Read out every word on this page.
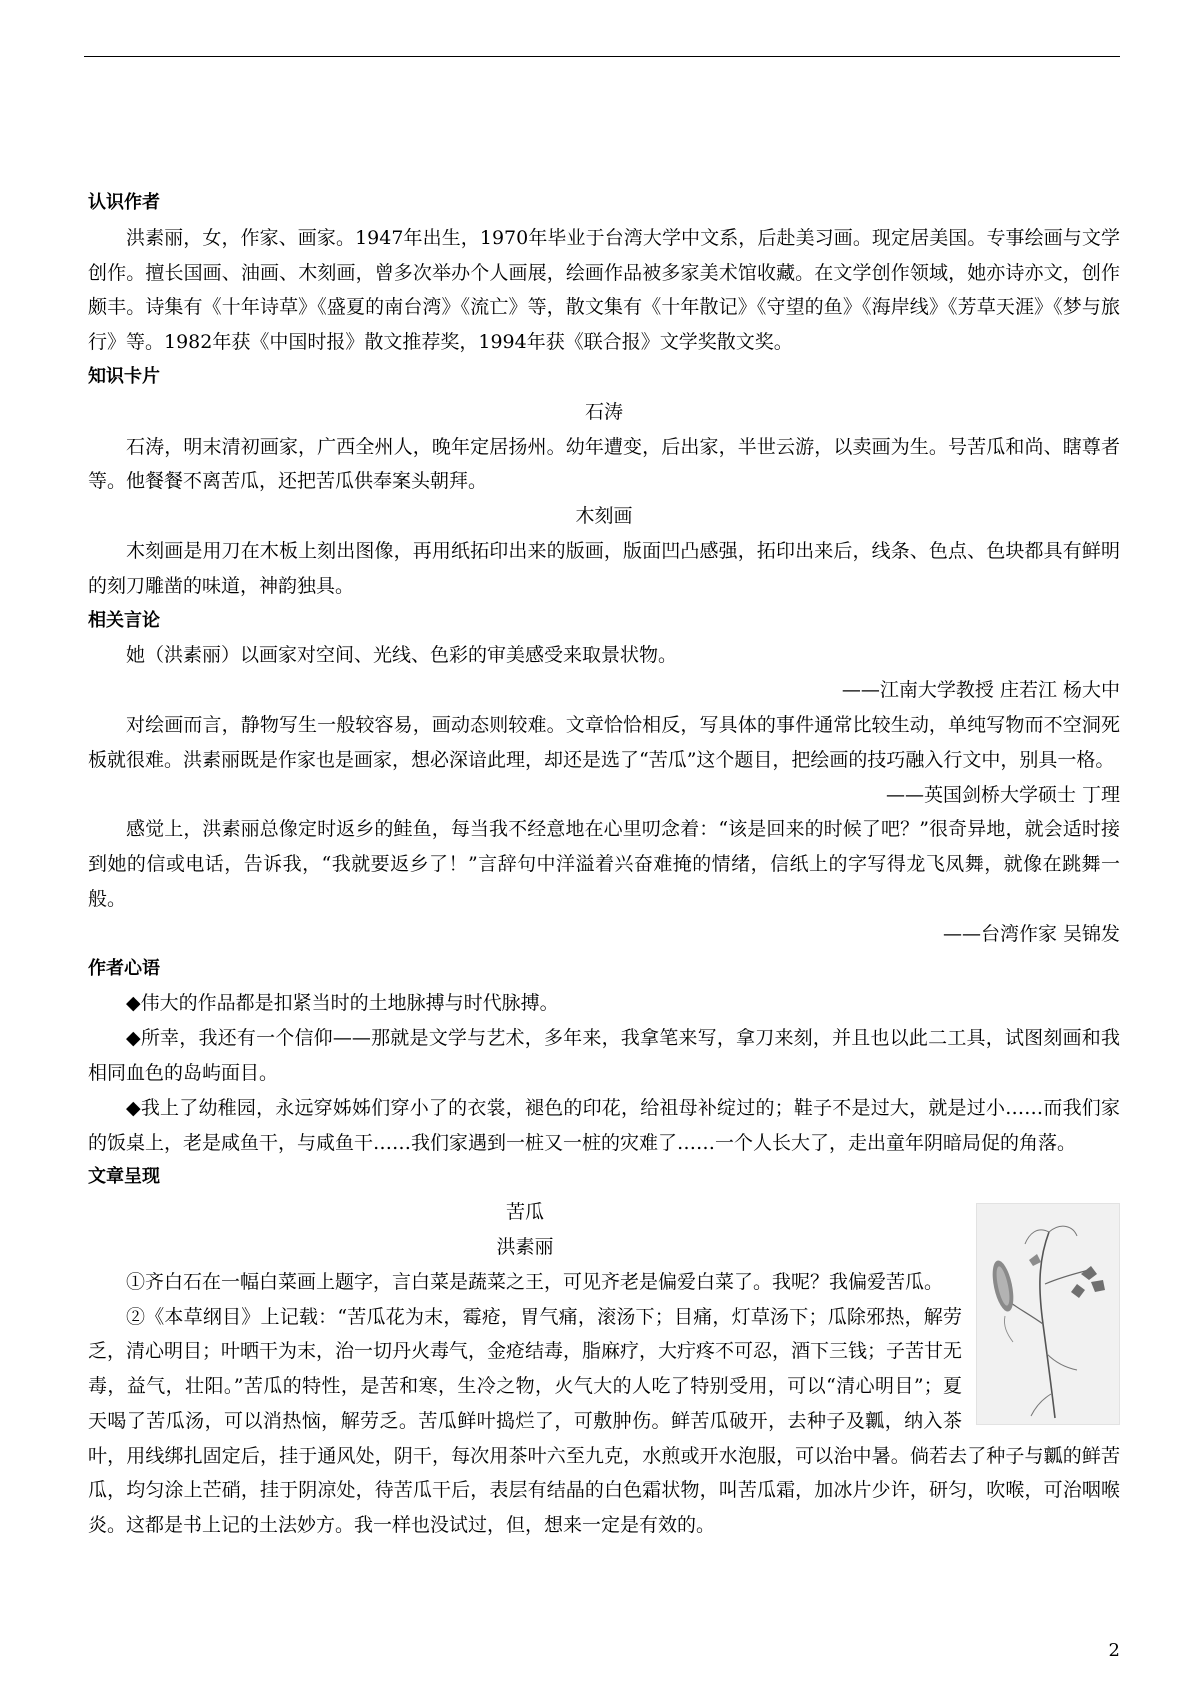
认识作者

洪素丽，女，作家、画家。1947年出生，1970年毕业于台湾大学中文系，后赴美习画。现定居美国。专事绘画与文学创作。擅长国画、油画、木刻画，曾多次举办个人画展，绘画作品被多家美术馆收藏。在文学创作领域，她亦诗亦文，创作颇丰。诗集有《十年诗草》《盛夏的南台湾》《流亡》等，散文集有《十年散记》《守望的鱼》《海岸线》《芳草天涯》《梦与旅行》等。1982年获《中国时报》散文推荐奖，1994年获《联合报》文学奖散文奖。

知识卡片

石涛

石涛，明末清初画家，广西全州人，晚年定居扬州。幼年遭变，后出家，半世云游，以卖画为生。号苦瓜和尚、瞎尊者等。他餐餐不离苦瓜，还把苦瓜供奉案头朝拜。

木刻画

木刻画是用刀在木板上刻出图像，再用纸拓印出来的版画，版面凹凸感强，拓印出来后，线条、色点、色块都具有鲜明的刻刀雕凿的味道，神韵独具。

相关言论

她（洪素丽）以画家对空间、光线、色彩的审美感受来取景状物。

——江南大学教授 庄若江 杨大中

对绘画而言，静物写生一般较容易，画动态则较难。文章恰恰相反，写具体的事件通常比较生动，单纯写物而不空洞死板就很难。洪素丽既是作家也是画家，想必深谙此理，却还是选了“苦瓜”这个题目，把绘画的技巧融入行文中，别具一格。

——英国剑桥大学硕士 丁理

感觉上，洪素丽总像定时返乡的鲑鱼，每当我不经意地在心里叨念着：“该是回来的时候了吧？”很奇异地，就会适时接到她的信或电话，告诉我，“我就要返乡了！”言辞句中洋溢着兴奋难掩的情绪，信纸上的字写得龙飞凤舞，就像在跳舞一般。

——台湾作家 吴锦发

作者心语

◆伟大的作品都是扣紧当时的土地脉搏与时代脉搏。

◆所幸，我还有一个信仰——那就是文学与艺术，多年来，我拿笔来写，拿刀来刻，并且也以此二工具，试图刻画和我相同血色的岛屿面目。

◆我上了幼稚园，永远穿姊姊们穿小了的衣裳，褪色的印花，给祖母补绽过的；鞋子不是过大，就是过小……而我们家的饭桌上，老是咸鱼干，与咸鱼干……我们家遇到一桩又一桩的灾难了……一个人长大了，走出童年阴暗局促的角落。

文章呈现

苦瓜

洪素丽

①齐白石在一幅白菜画上题字，言白菜是蔬菜之王，可见齐老是偏爱白菜了。我呢？我偏爱苦瓜。

②《本草纲目》上记载：“苦瓜花为末，霉疮，胃气痛，滚汤下；目痛，灯草汤下；瓜除邪热，解劳乏，清心明目；叶晒干为末，治一切丹火毒气，金疮结毒，脂麻疗，大疔疼不可忍，酒下三钱；子苦甘无毒，益气，壮阳。”苦瓜的特性，是苦和寒，生冷之物，火气大的人吃了特别受用，可以“清心明目”；夏天喝了苦瓜汤，可以消热恼，解劳乏。苦瓜鲜叶捣烂了，可敷肿伤。鲜苦瓜破开，去种子及瓤，纳入茶叶，用线绑扎固定后，挂于通风处，阴干，每次用茶叶六至九克，水煎或开水泡服，可以治中暑。倘若去了种子与瓤的鲜苦瓜，均匀涂上芒硝，挂于阴凉处，待苦瓜干后，表层有结晶的白色霜状物，叫苦瓜霜，加冰片少许，研匀，吹喉，可治咽喉炎。这都是书上记的土法妙方。我一样也没试过，但，想来一定是有效的。

2
